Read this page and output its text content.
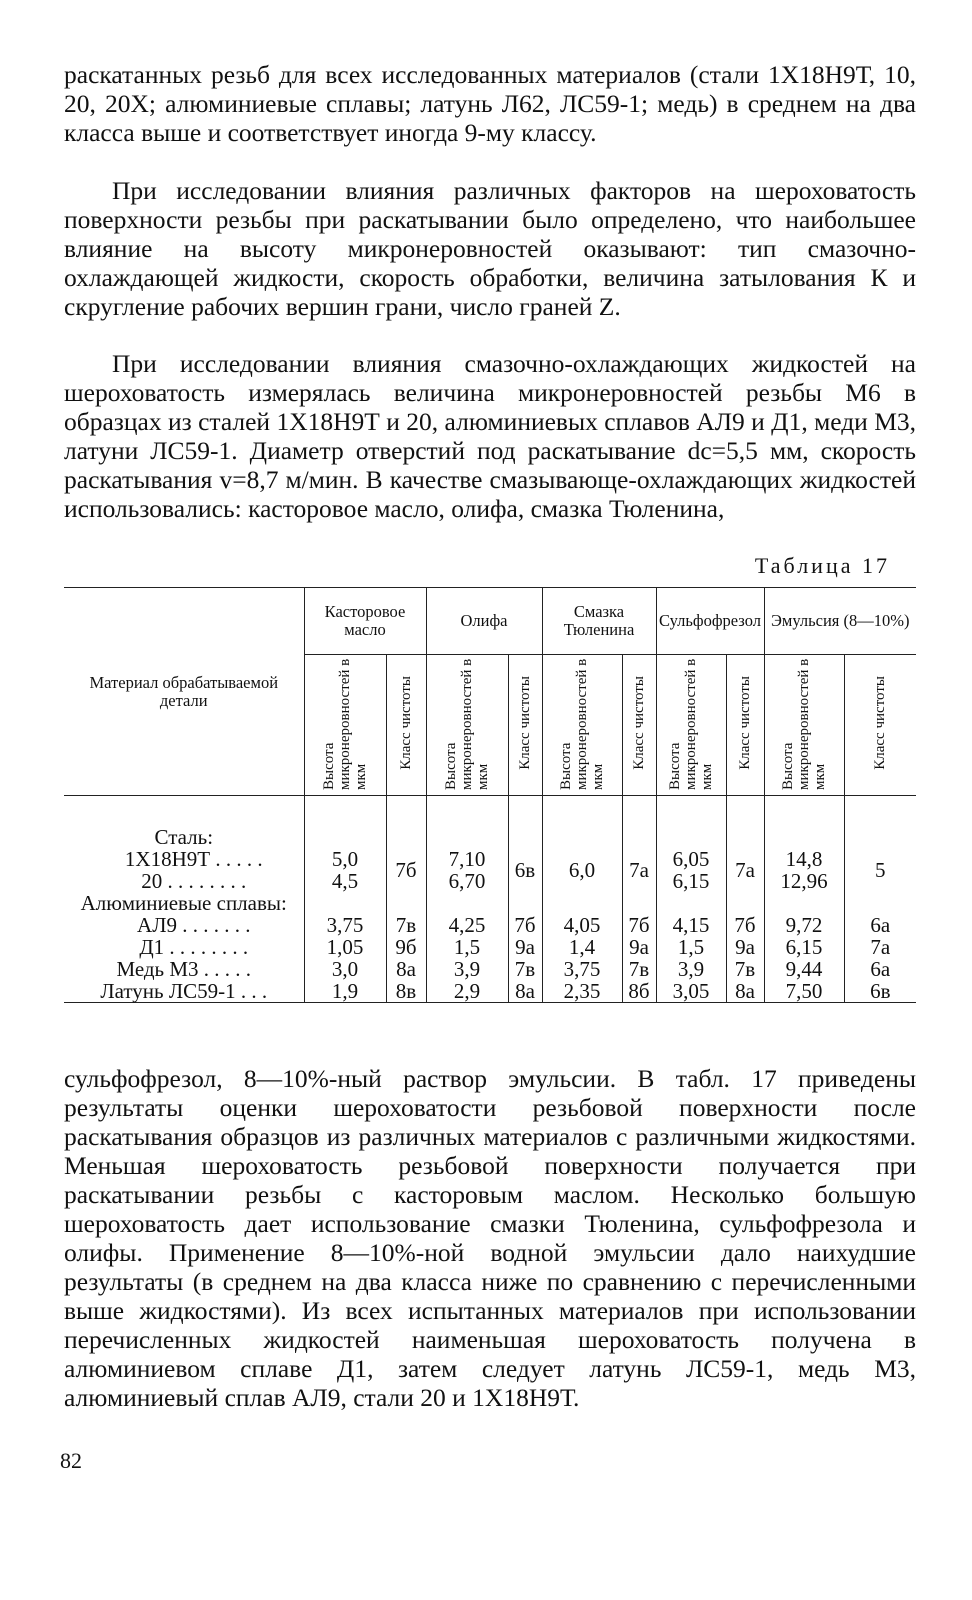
раскатанных резьб для всех исследованных материалов (стали 1Х18Н9Т, 10, 20, 20Х; алюминиевые сплавы; латунь Л62, ЛС59-1; медь) в среднем на два класса выше и соответствует иногда 9-му классу.

При исследовании влияния различных факторов на шероховатость поверхности резьбы при раскатывании было определено, что наибольшее влияние на высоту микронеровностей оказывают: тип смазочно-охлаждающей жидкости, скорость обработки, величина затылования К и скругление рабочих вершин грани, число граней Z.

При исследовании влияния смазочно-охлаждающих жидкостей на шероховатость измерялась величина микронеровностей резьбы М6 в образцах из сталей 1Х18Н9Т и 20, алюминиевых сплавов АЛ9 и Д1, меди М3, латуни ЛС59-1. Диаметр отверстий под раскатывание dс=5,5 мм, скорость раскатывания v=8,7 м/мин. В качестве смазывающе-охлаждающих жидкостей использовались: касторовое масло, олифа, смазка Тюленина,

Таблица 17
Материал обрабатываемой детали	Касторовое масло		Олифа		Смазка Тюленина		Сульфофрезол		Эмульсия (8—10%)	
	Высота микронеровностей в мкм	Класс чистоты	Высота микронеровностей в мкм	Класс чистоты	Высота микронеровностей в мкм	Класс чистоты	Высота микронеровностей в мкм	Класс чистоты	Высота микронеровностей в мкм	Класс чистоты

Сталь:										
1Х18Н9Т . . . . .	5,0	7б	7,10	6в	6,0	7а	6,05	7а	14,8	5
20 . . . . . . . .	4,5		6,70				6,15		12,96	
Алюминиевые сплавы:										
АЛ9 . . . . . . .	3,75	7в	4,25	7б	4,05	7б	4,15	7б	9,72	6а
Д1 . . . . . . . .	1,05	9б	1,5	9а	1,4	9а	1,5	9а	6,15	7а
Медь М3 . . . . .	3,0	8а	3,9	7в	3,75	7в	3,9	7в	9,44	6а
Латунь ЛС59-1 . . .	1,9	8в	2,9	8а	2,35	8б	3,05	8а	7,50	6в

сульфофрезол, 8—10%-ный раствор эмульсии. В табл. 17 приведены результаты оценки шероховатости резьбовой поверхности после раскатывания образцов из различных материалов с различными жидкостями. Меньшая шероховатость резьбовой поверхности получается при раскатывании резьбы с касторовым маслом. Несколько большую шероховатость дает использование смазки Тюленина, сульфофрезола и олифы. Применение 8—10%-ной водной эмульсии дало наихудшие результаты (в среднем на два класса ниже по сравнению с перечисленными выше жидкостями). Из всех испытанных материалов при использовании перечисленных жидкостей наименьшая шероховатость получена в алюминиевом сплаве Д1, затем следует латунь ЛС59-1, медь М3, алюминиевый сплав АЛ9, стали 20 и 1Х18Н9Т.

82
